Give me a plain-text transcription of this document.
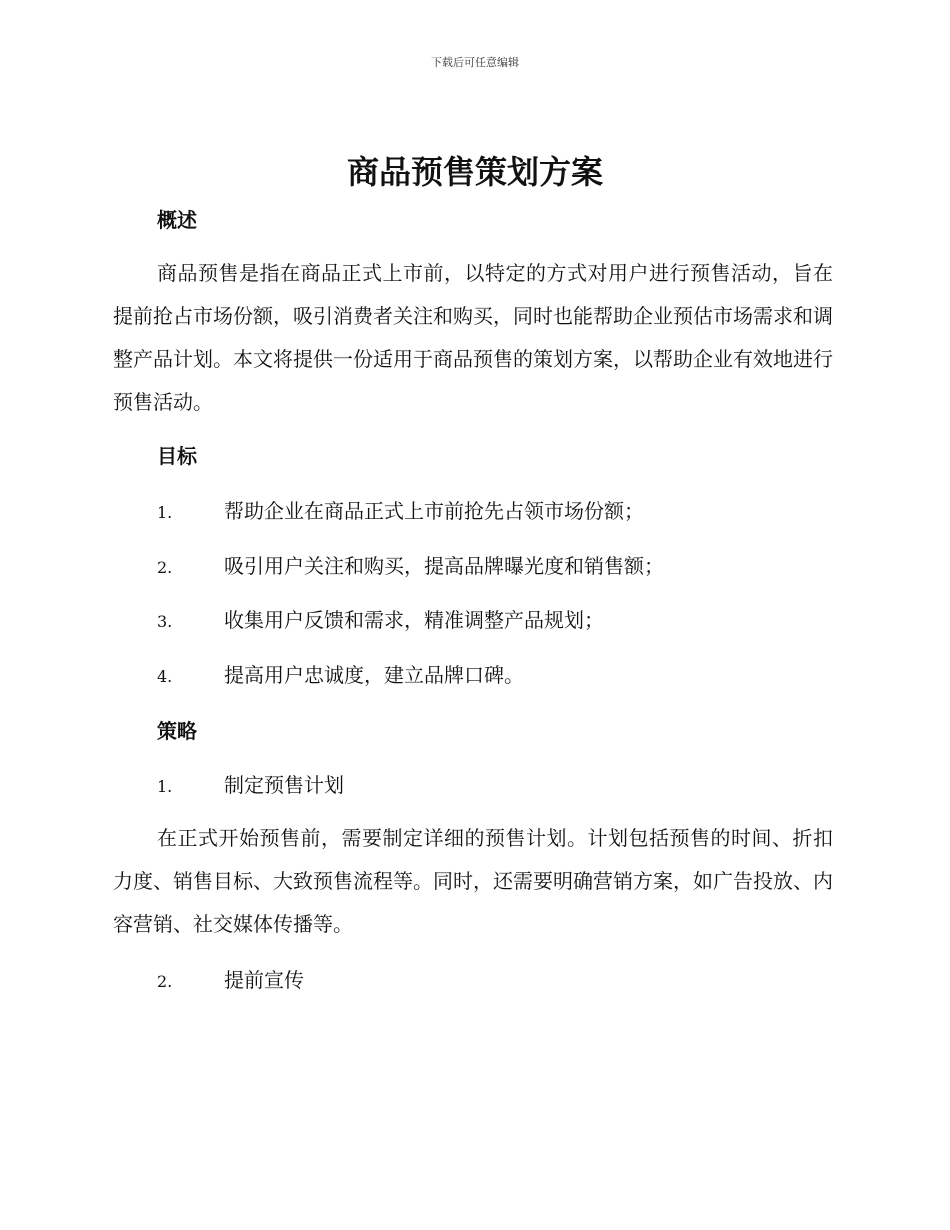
下载后可任意编辑
商品预售策划方案
概述

商品预售是指在商品正式上市前，以特定的方式对用户进行预售活动，旨在提前抢占市场份额，吸引消费者关注和购买，同时也能帮助企业预估市场需求和调整产品计划。本文将提供一份适用于商品预售的策划方案，以帮助企业有效地进行预售活动。

目标
1.	帮助企业在商品正式上市前抢先占领市场份额；
2.	吸引用户关注和购买，提高品牌曝光度和销售额；
3.	收集用户反馈和需求，精准调整产品规划；
4.	提高用户忠诚度，建立品牌口碑。
策略
1.	制定预售计划

在正式开始预售前，需要制定详细的预售计划。计划包括预售的时间、折扣力度、销售目标、大致预售流程等。同时，还需要明确营销方案，如广告投放、内容营销、社交媒体传播等。

2.	提前宣传
